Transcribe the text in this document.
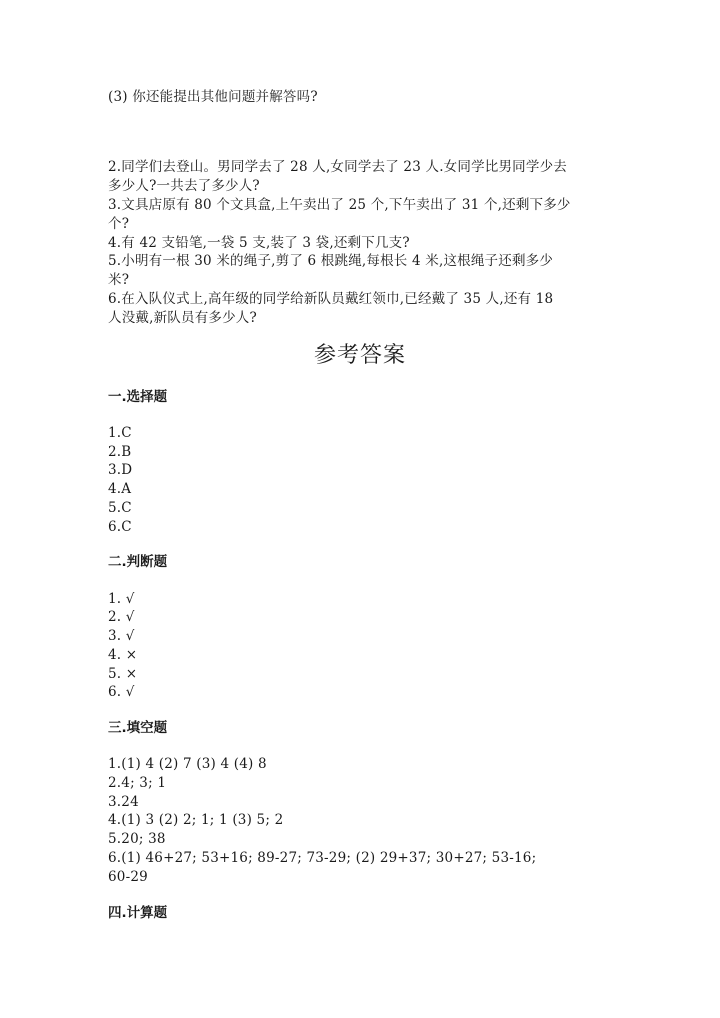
(3) 你还能提出其他问题并解答吗?
2.同学们去登山。男同学去了 28 人,女同学去了 23 人.女同学比男同学少去
多少人?一共去了多少人?
3.文具店原有 80 个文具盒,上午卖出了 25 个,下午卖出了 31 个,还剩下多少
个?
4.有 42 支铅笔,一袋 5 支,装了 3 袋,还剩下几支?
5.小明有一根 30 米的绳子,剪了 6 根跳绳,每根长 4 米,这根绳子还剩多少
米?
6.在入队仪式上,高年级的同学给新队员戴红领巾,已经戴了 35 人,还有 18
人没戴,新队员有多少人?
参考答案
一.选择题
1.C
2.B
3.D
4.A
5.C
6.C
二.判断题
1. √
2. √
3. √
4. ×
5. ×
6. √
三.填空题
1.(1) 4 (2) 7 (3) 4 (4) 8
2.4; 3; 1
3.24
4.(1) 3 (2) 2; 1; 1 (3) 5; 2
5.20; 38
6.(1) 46+27; 53+16; 89-27; 73-29; (2) 29+37; 30+27; 53-16;
60-29
四.计算题
